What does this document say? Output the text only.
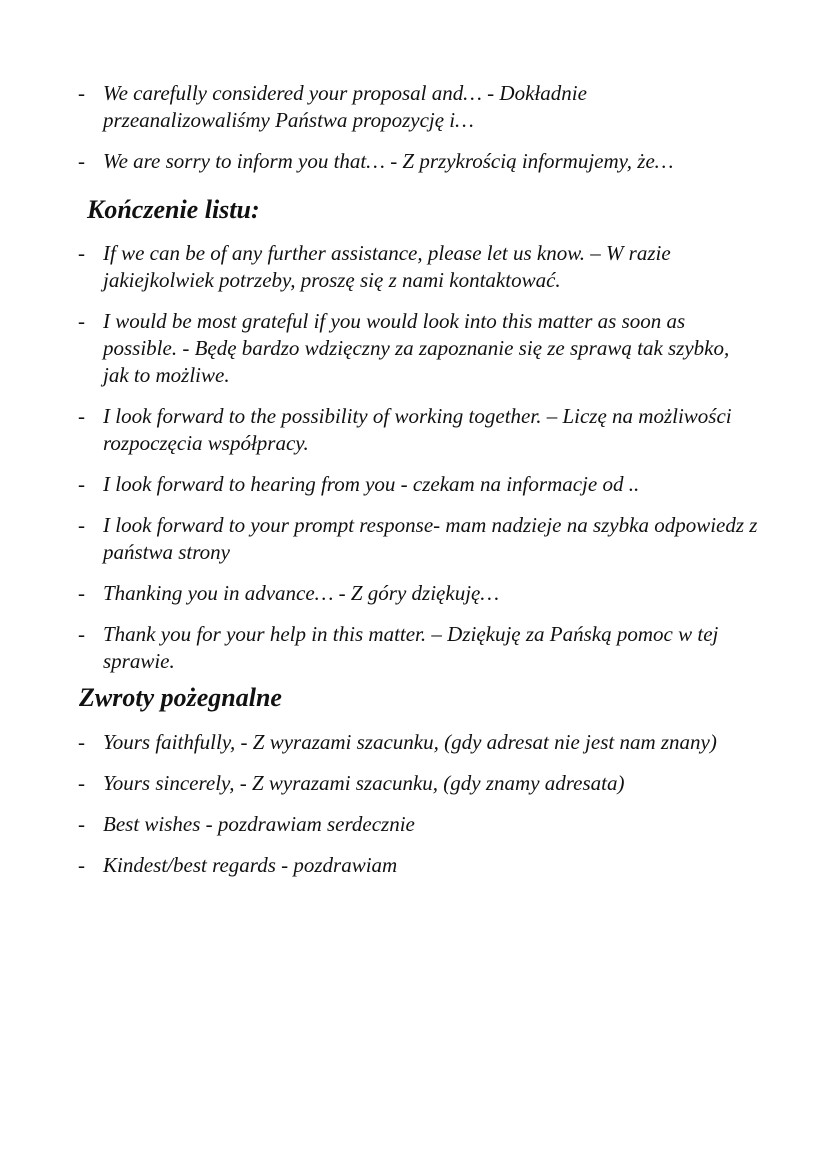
- We carefully considered your proposal and… - Dokładnie przeanalizowaliśmy Państwa propozycję i…
- We are sorry to inform you that… - Z przykrością informujemy, że…
Kończenie listu:
- If we can be of any further assistance, please let us know. – W razie jakiejkolwiek potrzeby, proszę się z nami kontaktować.
- I would be most grateful if you would look into this matter as soon as possible. - Będę bardzo wdzięczny za zapoznanie się ze sprawą tak szybko, jak to możliwe.
- I look forward to the possibility of working together. – Liczę na możliwości rozpoczęcia współpracy.
- I look forward to hearing from you - czekam na informacje od ..
- I look forward to your prompt response- mam nadzieje na szybka odpowiedz z państwa strony
- Thanking you in advance… - Z góry dziękuję…
- Thank you for your help in this matter. – Dziękuję za Pańską pomoc w tej sprawie.
Zwroty pożegnalne
- Yours faithfully, - Z wyrazami szacunku, (gdy adresat nie jest nam znany)
- Yours sincerely, - Z wyrazami szacunku, (gdy znamy adresata)
- Best wishes - pozdrawiam serdecznie
- Kindest/best regards - pozdrawiam
